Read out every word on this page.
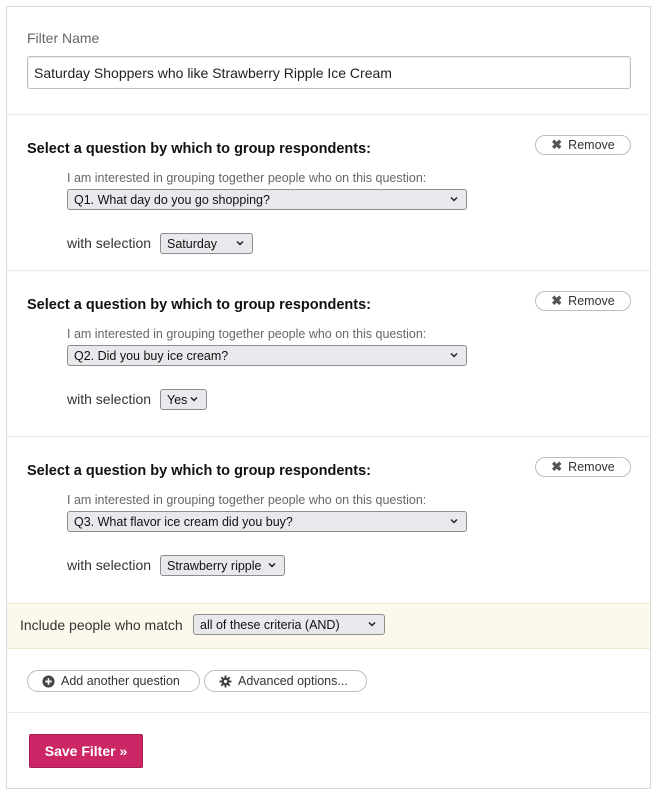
Filter Name
Saturday Shoppers who like Strawberry Ripple Ice Cream
Select a question by which to group respondents:	✖ Remove
I am interested in grouping together people who on this question:
Q1. What day do you go shopping?
with selection Saturday
Select a question by which to group respondents:	✖ Remove
I am interested in grouping together people who on this question:
Q2. Did you buy ice cream?
with selection Yes
Select a question by which to group respondents:	✖ Remove
I am interested in grouping together people who on this question:
Q3. What flavor ice cream did you buy?
with selection Strawberry ripple
Include people who match all of these criteria (AND)
Add another question	Advanced options...
Save Filter »
